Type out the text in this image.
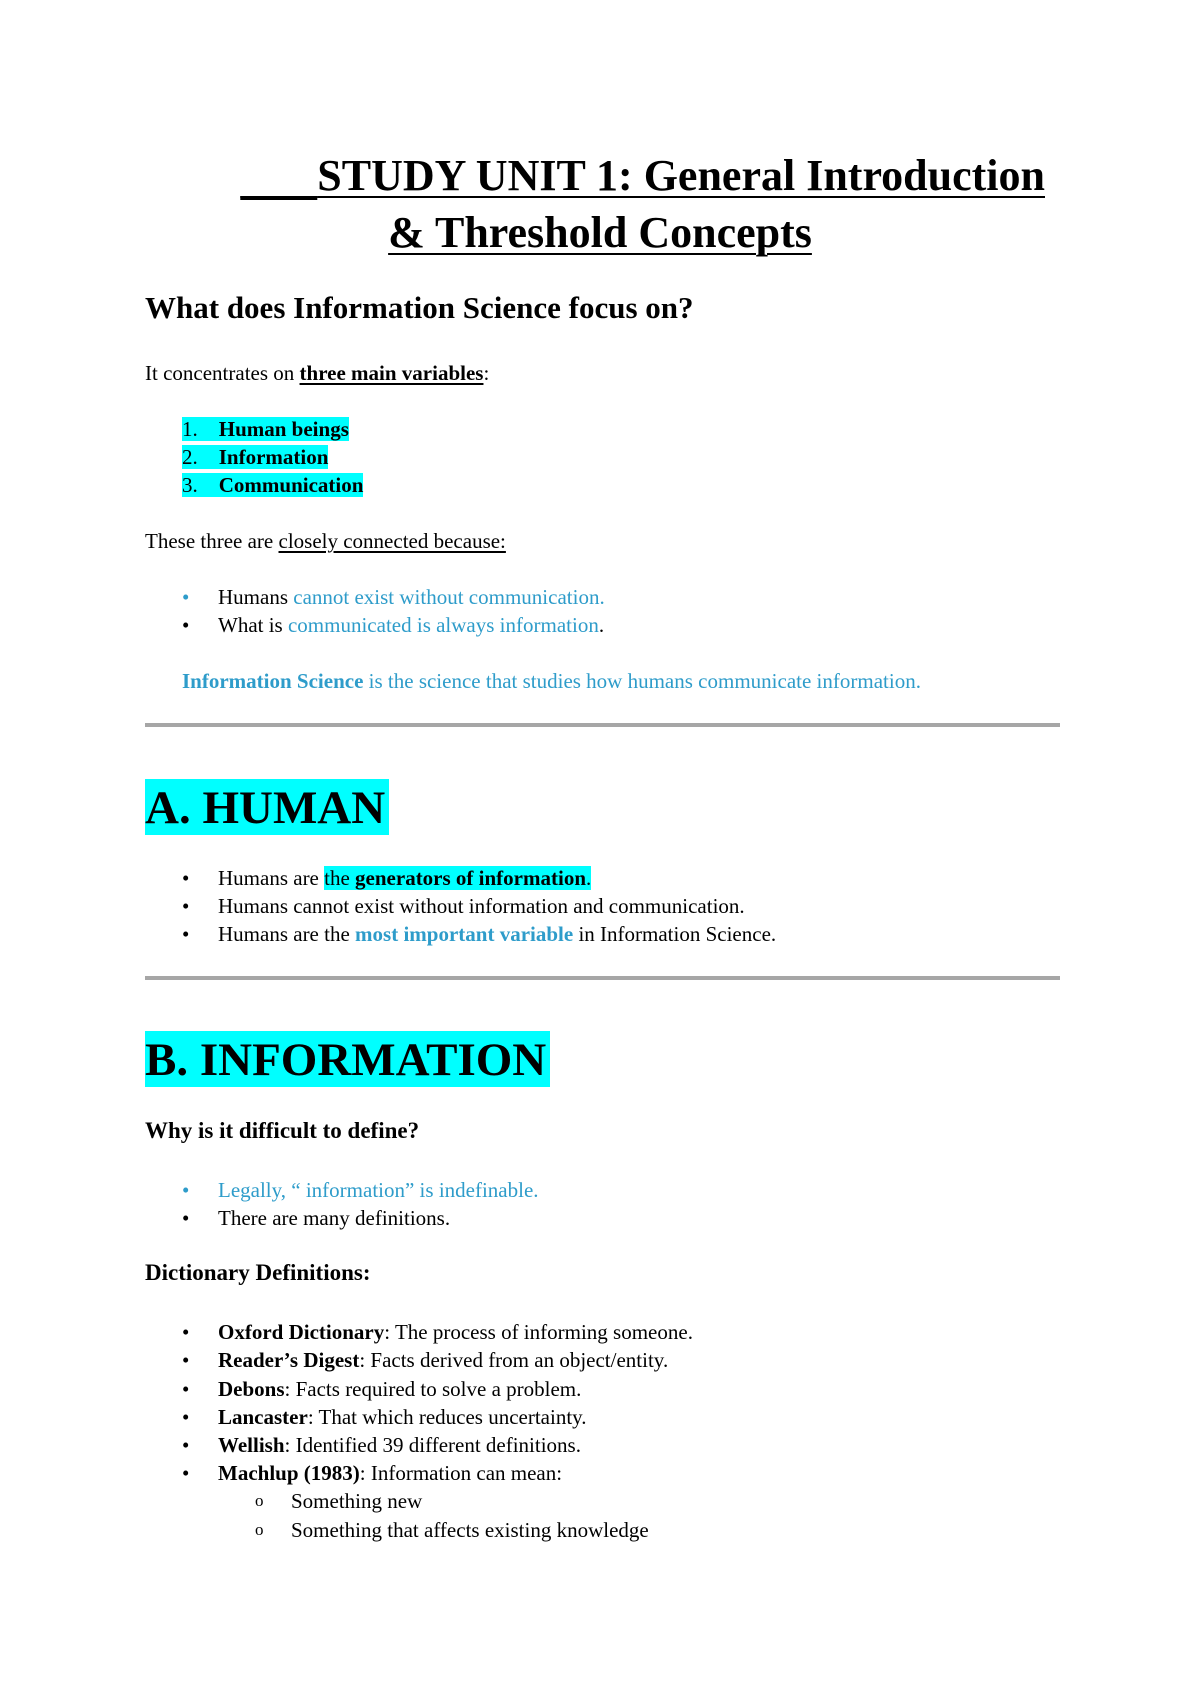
STUDY UNIT 1: General Introduction
& Threshold Concepts
What does Information Science focus on?
It concentrates on three main variables:
1. Human beings
2. Information
3. Communication
These three are closely connected because:
• Humans cannot exist without communication.
• What is communicated is always information.
Information Science is the science that studies how humans communicate information.
A. HUMAN
• Humans are the generators of information.
• Humans cannot exist without information and communication.
• Humans are the most important variable in Information Science.
B. INFORMATION
Why is it difficult to define?
• Legally, “ information” is indefinable.
• There are many definitions.
Dictionary Definitions:
• Oxford Dictionary: The process of informing someone.
• Reader’s Digest: Facts derived from an object/entity.
• Debons: Facts required to solve a problem.
• Lancaster: That which reduces uncertainty.
• Wellish: Identified 39 different definitions.
• Machlup (1983): Information can mean:
o Something new
o Something that affects existing knowledge
